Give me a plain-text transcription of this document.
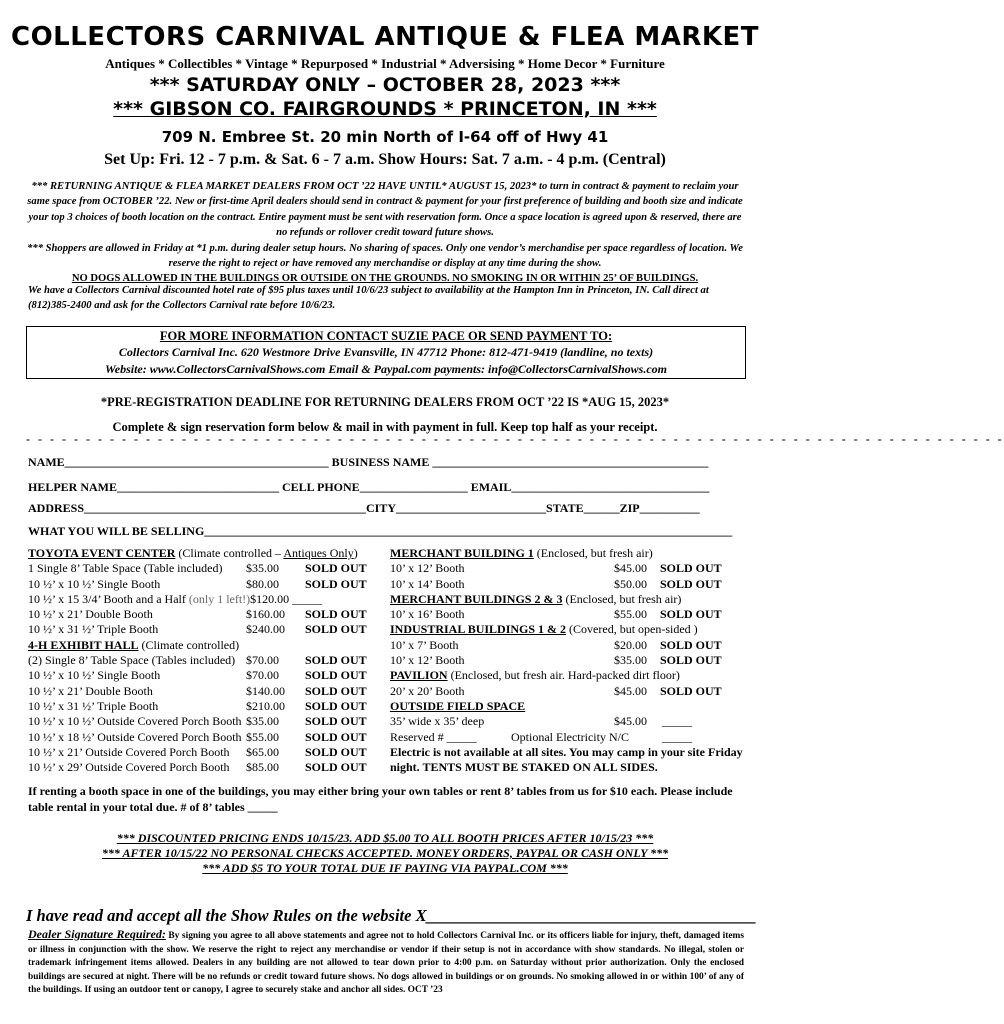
COLLECTORS CARNIVAL ANTIQUE & FLEA MARKET
Antiques * Collectibles * Vintage * Repurposed * Industrial * Adversising * Home Decor * Furniture
*** SATURDAY ONLY – OCTOBER 28, 2023 ***
*** GIBSON CO. FAIRGROUNDS * PRINCETON, IN ***
709 N. Embree St. 20 min North of I-64 off of Hwy 41
Set Up: Fri. 12 - 7 p.m. & Sat. 6 - 7 a.m. Show Hours: Sat. 7 a.m. - 4 p.m. (Central)
*** RETURNING ANTIQUE & FLEA MARKET DEALERS FROM OCT ’22 HAVE UNTIL* AUGUST 15, 2023* to turn in contract & payment to reclaim your same space from OCTOBER ’22. New or first-time April dealers should send in contract & payment for your first preference of building and booth size and indicate your top 3 choices of booth location on the contract. Entire payment must be sent with reservation form. Once a space location is agreed upon & reserved, there are no refunds or rollover credit toward future shows.
*** Shoppers are allowed in Friday at *1 p.m. during dealer setup hours. No sharing of spaces. Only one vendor’s merchandise per space regardless of location. We reserve the right to reject or have removed any merchandise or display at any time during the show.
NO DOGS ALLOWED IN THE BUILDINGS OR OUTSIDE ON THE GROUNDS. NO SMOKING IN OR WITHIN 25’ OF BUILDINGS.
We have a Collectors Carnival discounted hotel rate of $95 plus taxes until 10/6/23 subject to availability at the Hampton Inn in Princeton, IN. Call direct at (812)385-2400 and ask for the Collectors Carnival rate before 10/6/23.
FOR MORE INFORMATION CONTACT SUZIE PACE OR SEND PAYMENT TO:
Collectors Carnival Inc. 620 Westmore Drive Evansville, IN 47712 Phone: 812-471-9419 (landline, no texts)
Website: www.CollectorsCarnivalShows.com Email & Paypal.com payments: info@CollectorsCarnivalShows.com
*PRE-REGISTRATION DEADLINE FOR RETURNING DEALERS FROM OCT ’22 IS *AUG 15, 2023*
Complete & sign reservation form below & mail in with payment in full. Keep top half as your receipt.
- - - - - - - - - - - - - - - - - - - - - - - - - - - - - - - - - - - - - - - - - - - - - - - - - - - - - - - - - - - - - - - - - - - - - - - - - - - - - - - - - -
NAME____________________________________________ BUSINESS NAME ______________________________________________
HELPER NAME___________________________ CELL PHONE__________________ EMAIL_________________________________
ADDRESS_______________________________________________CITY_________________________STATE______ZIP__________
WHAT YOU WILL BE SELLING________________________________________________________________________________________
TOYOTA EVENT CENTER (Climate controlled – Antiques Only)
1 Single 8’ Table Space (Table included) $35.00 SOLD OUT
10 ½’ x 10 ½’ Single Booth	$80.00 SOLD OUT
10 ½’ x 15 3/4’ Booth and a Half (only 1 left!)$120.00 _____
10 ½’ x 21’ Double Booth	$160.00 SOLD OUT
10 ½’ x 31 ½’ Triple Booth	$240.00 SOLD OUT
4-H EXHIBIT HALL (Climate controlled)
(2) Single 8’ Table Space (Tables included) $70.00 SOLD OUT
10 ½’ x 10 ½’ Single Booth	$70.00 SOLD OUT
10 ½’ x 21’ Double Booth	$140.00 SOLD OUT
10 ½’ x 31 ½’ Triple Booth	$210.00 SOLD OUT
10 ½’ x 10 ½’ Outside Covered Porch Booth $35.00 SOLD OUT
10 ½’ x 18 ½’ Outside Covered Porch Booth $55.00 SOLD OUT
10 ½’ x 21’ Outside Covered Porch Booth $65.00 SOLD OUT
10 ½’ x 29’ Outside Covered Porch Booth $85.00 SOLD OUT
MERCHANT BUILDING 1 (Enclosed, but fresh air)
10’ x 12’ Booth	$45.00 SOLD OUT
10’ x 14’ Booth	$50.00 SOLD OUT
MERCHANT BUILDINGS 2 & 3 (Enclosed, but fresh air)
10’ x 16’ Booth	$55.00 SOLD OUT
INDUSTRIAL BUILDINGS 1 & 2 (Covered, but open-sided )
10’ x 7’ Booth	$20.00 SOLD OUT
10’ x 12’ Booth	$35.00 SOLD OUT
PAVILION (Enclosed, but fresh air. Hard-packed dirt floor)
20’ x 20’ Booth	$45.00 SOLD OUT
OUTSIDE FIELD SPACE
35’ wide x 35’ deep	$45.00 _____
Reserved # _____	Optional Electricity N/C	_____
Electric is not available at all sites. You may camp in your site Friday night. TENTS MUST BE STAKED ON ALL SIDES.
If renting a booth space in one of the buildings, you may either bring your own tables or rent 8’ tables from us for $10 each. Please include table rental in your total due. # of 8’ tables _____
*** DISCOUNTED PRICING ENDS 10/15/23. ADD $5.00 TO ALL BOOTH PRICES AFTER 10/15/23 ***
*** AFTER 10/15/22 NO PERSONAL CHECKS ACCEPTED. MONEY ORDERS, PAYPAL OR CASH ONLY ***
*** ADD $5 TO YOUR TOTAL DUE IF PAYING VIA PAYPAL.COM ***
I have read and accept all the Show Rules on the website X________________________________________
Dealer Signature Required: By signing you agree to all above statements and agree not to hold Collectors Carnival Inc. or its officers liable for injury, theft, damaged items or illness in conjunction with the show. We reserve the right to reject any merchandise or vendor if their setup is not in accordance with show standards. No illegal, stolen or trademark infringement items allowed. Dealers in any building are not allowed to tear down prior to 4:00 p.m. on Saturday without prior authorization. Only the enclosed buildings are secured at night. There will be no refunds or credit toward future shows. No dogs allowed in buildings or on grounds. No smoking allowed in or within 100’ of any of the buildings. If using an outdoor tent or canopy, I agree to securely stake and anchor all sides. OCT ’23
